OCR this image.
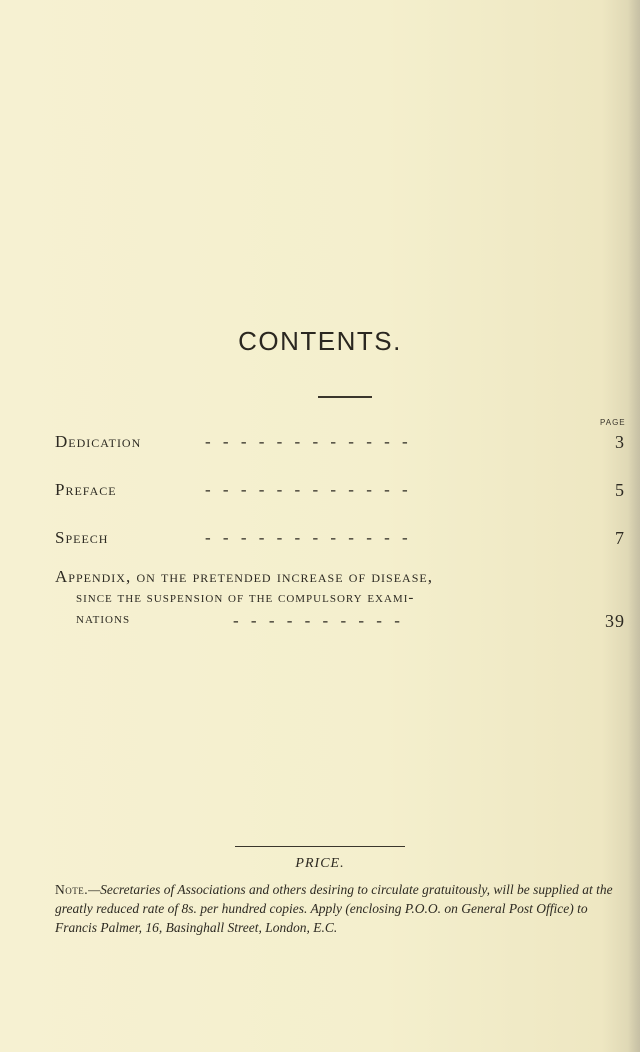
CONTENTS.
PAGE
Dedication	- - - - - - - - - - - -	3
Preface	- - - - - - - - - - - -	5
Speech	- - - - - - - - - - - -	7
Appendix, on the pretended increase of disease,
since the suspension of the compulsory exami-
nations	- - - - - - - - - -	39
PRICE.
Note.—Secretaries of Associations and others desiring to circulate gratuitously, will be supplied at the greatly reduced rate of 8s. per hundred copies. Apply (enclosing P.O.O. on General Post Office) to Francis Palmer, 16, Basinghall Street, London, E.C.
